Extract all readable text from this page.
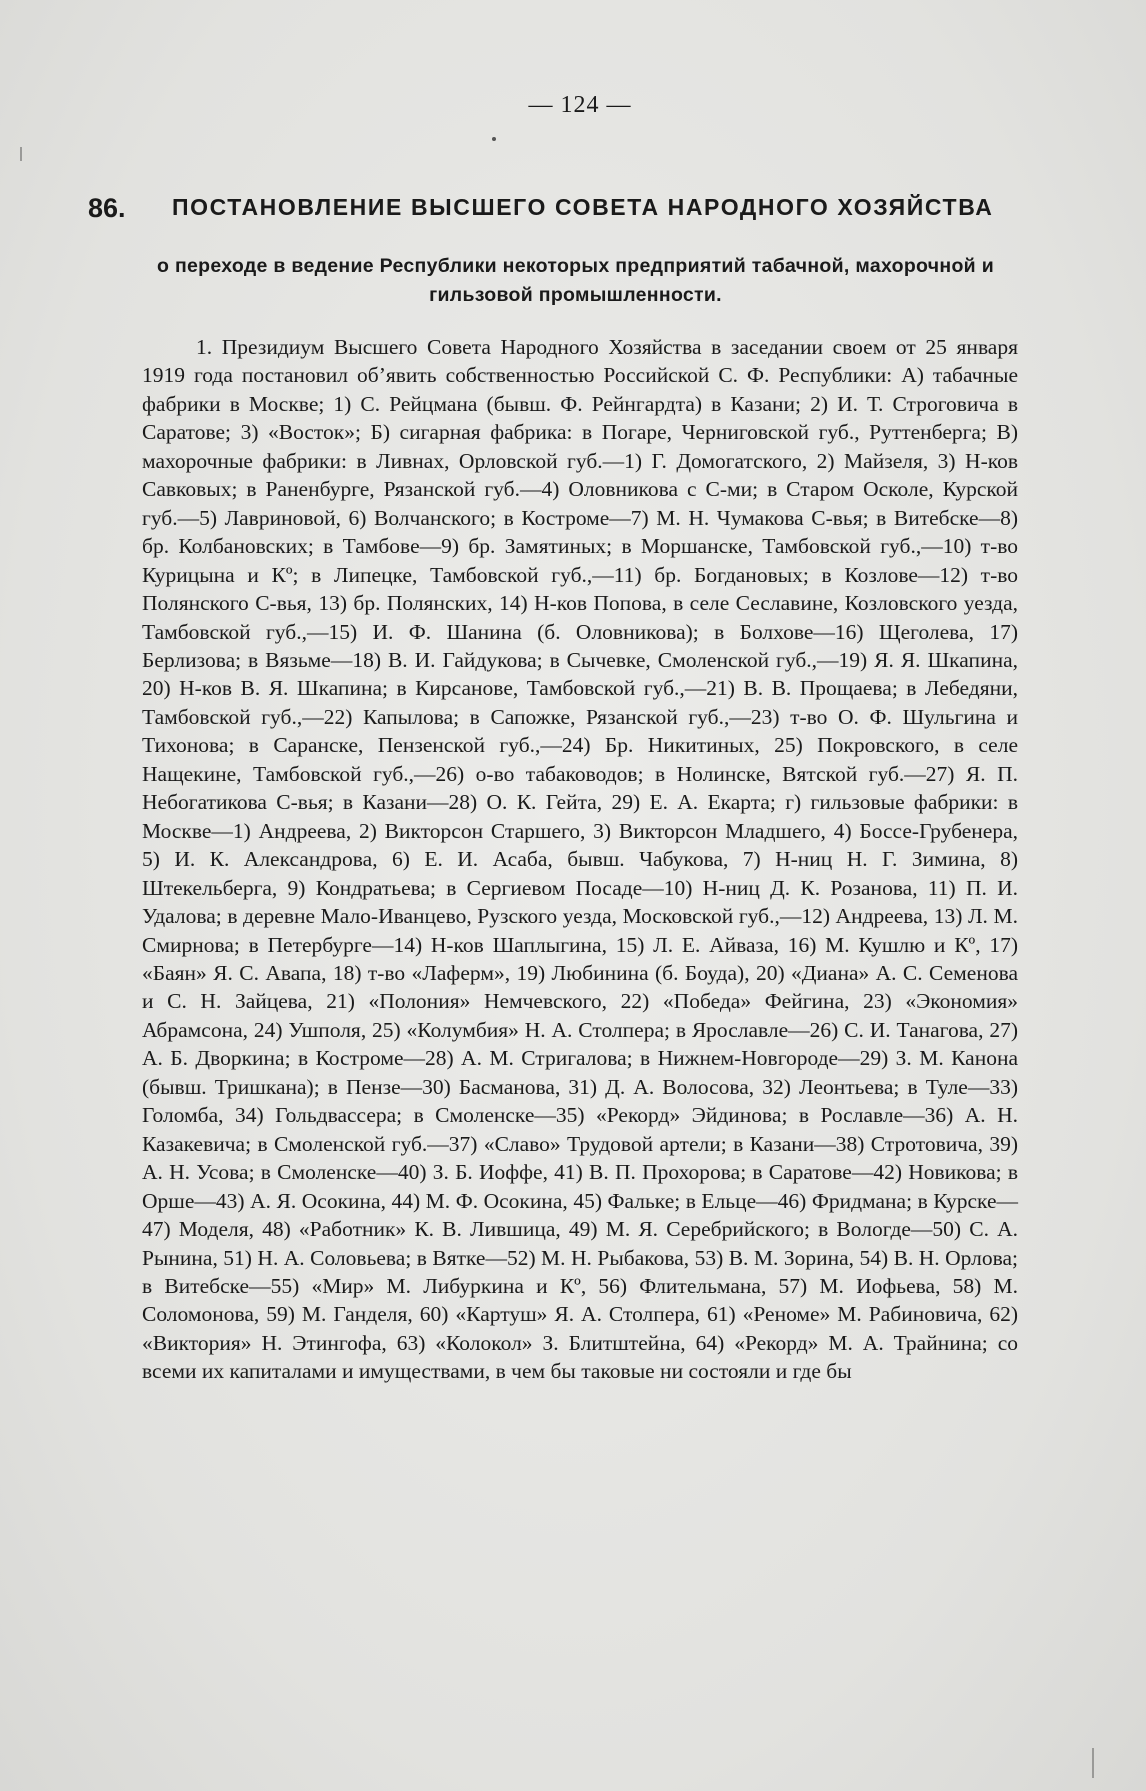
— 124 —
86. ПОСТАНОВЛЕНИЕ ВЫСШЕГО СОВЕТА НАРОДНОГО ХОЗЯЙСТВА
о переходе в ведение Республики некоторых предприятий табачной, махорочной и гильзовой промышленности.

1. Президиум Высшего Совета Народного Хозяйства в заседании своем от 25 января 1919 года постановил об’явить собственностью Российской С. Ф. Республики: А) табачные фабрики в Москве; 1) С. Рейцмана (бывш. Ф. Рейнгардта) в Казани; 2) И. Т. Строговича в Саратове; 3) «Восток»; Б) сигарная фабрика: в Погаре, Черниговской губ., Руттенберга; В) махорочные фабрики: в Ливнах, Орловской губ.—1) Г. Домогатского, 2) Майзеля, 3) Н-ков Савковых; в Раненбурге, Рязанской губ.—4) Оловникова с С-ми; в Старом Осколе, Курской губ.—5) Лавриновой, 6) Волчанского; в Костроме—7) М. Н. Чумакова С-вья; в Витебске—8) бр. Колбановских; в Тамбове—9) бр. Замятиных; в Моршанске, Тамбовской губ.,—10) т-во Курицына и Кº; в Липецке, Тамбовской губ.,—11) бр. Богдановых; в Козлове—12) т-во Полянского С-вья, 13) бр. Полянских, 14) Н-ков Попова, в селе Сеславине, Козловского уезда, Тамбовской губ.,—15) И. Ф. Шанина (б. Оловникова); в Болхове—16) Щеголева, 17) Берлизова; в Вязьме—18) В. И. Гайдукова; в Сычевке, Смоленской губ.,—19) Я. Я. Шкапина, 20) Н-ков В. Я. Шкапина; в Кирсанове, Тамбовской губ.,—21) В. В. Прощаева; в Лебедяни, Тамбовской губ.,—22) Капылова; в Сапожке, Рязанской губ.,—23) т-во О. Ф. Шульгина и Тихонова; в Саранске, Пензенской губ.,—24) Бр. Никитиных, 25) Покровского, в селе Нащекине, Тамбовской губ.,—26) о-во табаководов; в Нолинске, Вятской губ.—27) Я. П. Небогатикова С-вья; в Казани—28) О. К. Гейта, 29) Е. А. Екарта; г) гильзовые фабрики: в Москве—1) Андреева, 2) Викторсон Старшего, 3) Викторсон Младшего, 4) Боссе-Грубенера, 5) И. К. Александрова, 6) Е. И. Асаба, бывш. Чабукова, 7) Н-ниц Н. Г. Зимина, 8) Штекельберга, 9) Кондратьева; в Сергиевом Посаде—10) Н-ниц Д. К. Розанова, 11) П. И. Удалова; в деревне Мало-Иванцево, Рузского уезда, Московской губ.,—12) Андреева, 13) Л. М. Смирнова; в Петербурге—14) Н-ков Шаплыгина, 15) Л. Е. Айваза, 16) М. Кушлю и Кº, 17) «Баян» Я. С. Авапа, 18) т-во «Лаферм», 19) Любинина (б. Боуда), 20) «Диана» А. С. Семенова и С. Н. Зайцева, 21) «Полония» Немчевского, 22) «Победа» Фейгина, 23) «Экономия» Абрамсона, 24) Ушполя, 25) «Колумбия» Н. А. Столпера; в Ярославле—26) С. И. Танагова, 27) А. Б. Дворкина; в Костроме—28) А. М. Стригалова; в Нижнем-Новгороде—29) З. М. Канона (бывш. Тришкана); в Пензе—30) Басманова, 31) Д. А. Волосова, 32) Леонтьева; в Туле—33) Голомба, 34) Гольдвассера; в Смоленске—35) «Рекорд» Эйдинова; в Рославле—36) А. Н. Казакевича; в Смоленской губ.—37) «Славо» Трудовой артели; в Казани—38) Стротовича, 39) А. Н. Усова; в Смоленске—40) З. Б. Иоффе, 41) В. П. Прохорова; в Саратове—42) Новикова; в Орше—43) А. Я. Осокина, 44) М. Ф. Осокина, 45) Фальке; в Ельце—46) Фридмана; в Курске—47) Моделя, 48) «Работник» К. В. Лившица, 49) М. Я. Серебрийского; в Вологде—50) С. А. Рынина, 51) Н. А. Соловьева; в Вятке—52) М. Н. Рыбакова, 53) В. М. Зорина, 54) В. Н. Орлова; в Витебске—55) «Мир» М. Либуркина и Кº, 56) Флительмана, 57) М. Иофьева, 58) М. Соломонова, 59) М. Ганделя, 60) «Картуш» Я. А. Столпера, 61) «Реноме» М. Рабиновича, 62) «Виктория» Н. Этингофа, 63) «Колокол» З. Блитштейна, 64) «Рекорд» М. А. Трайнина; со всеми их капиталами и имуществами, в чем бы таковые ни состояли и где бы
